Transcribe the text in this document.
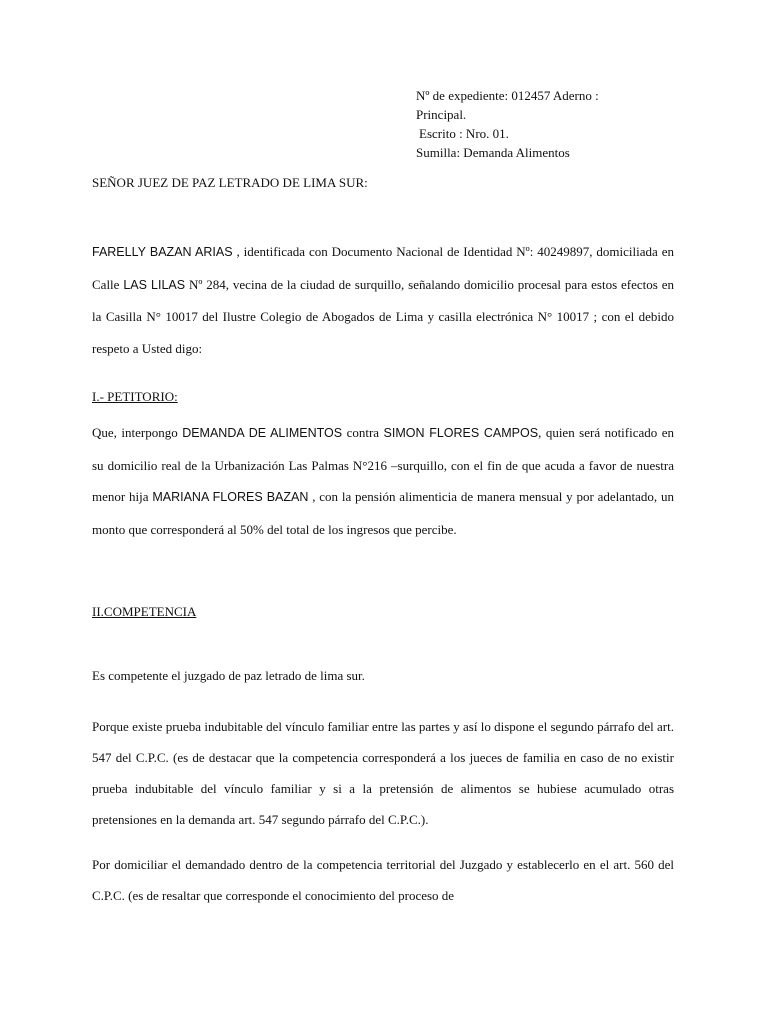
Nº de expediente: 012457 Aderno :
Principal.
Escrito : Nro. 01.
Sumilla: Demanda Alimentos
SEÑOR JUEZ DE PAZ LETRADO DE LIMA SUR:
FARELLY BAZAN ARIAS , identificada con Documento Nacional de Identidad Nº: 40249897, domiciliada en Calle LAS LILAS Nº 284, vecina de la ciudad de surquillo, señalando domicilio procesal para estos efectos en la Casilla N° 10017 del Ilustre Colegio de Abogados de Lima y casilla electrónica N° 10017 ; con el debido respeto a Usted digo:
I.- PETITORIO:
Que, interpongo DEMANDA DE ALIMENTOS contra SIMON FLORES CAMPOS, quien será notificado en su domicilio real de la Urbanización Las Palmas N°216 –surquillo, con el fin de que acuda a favor de nuestra menor hija MARIANA FLORES BAZAN , con la pensión alimenticia de manera mensual y por adelantado, un monto que corresponderá al 50% del total de los ingresos que percibe.
II.COMPETENCIA
Es competente el juzgado de paz letrado de lima sur.
Porque existe prueba indubitable del vínculo familiar entre las partes y así lo dispone el segundo párrafo del art. 547 del C.P.C. (es de destacar que la competencia corresponderá a los jueces de familia en caso de no existir prueba indubitable del vínculo familiar y si a la pretensión de alimentos se hubiese acumulado otras pretensiones en la demanda art. 547 segundo párrafo del C.P.C.).
Por domiciliar el demandado dentro de la competencia territorial del Juzgado y establecerlo en el art. 560 del C.P.C. (es de resaltar que corresponde el conocimiento del proceso de
